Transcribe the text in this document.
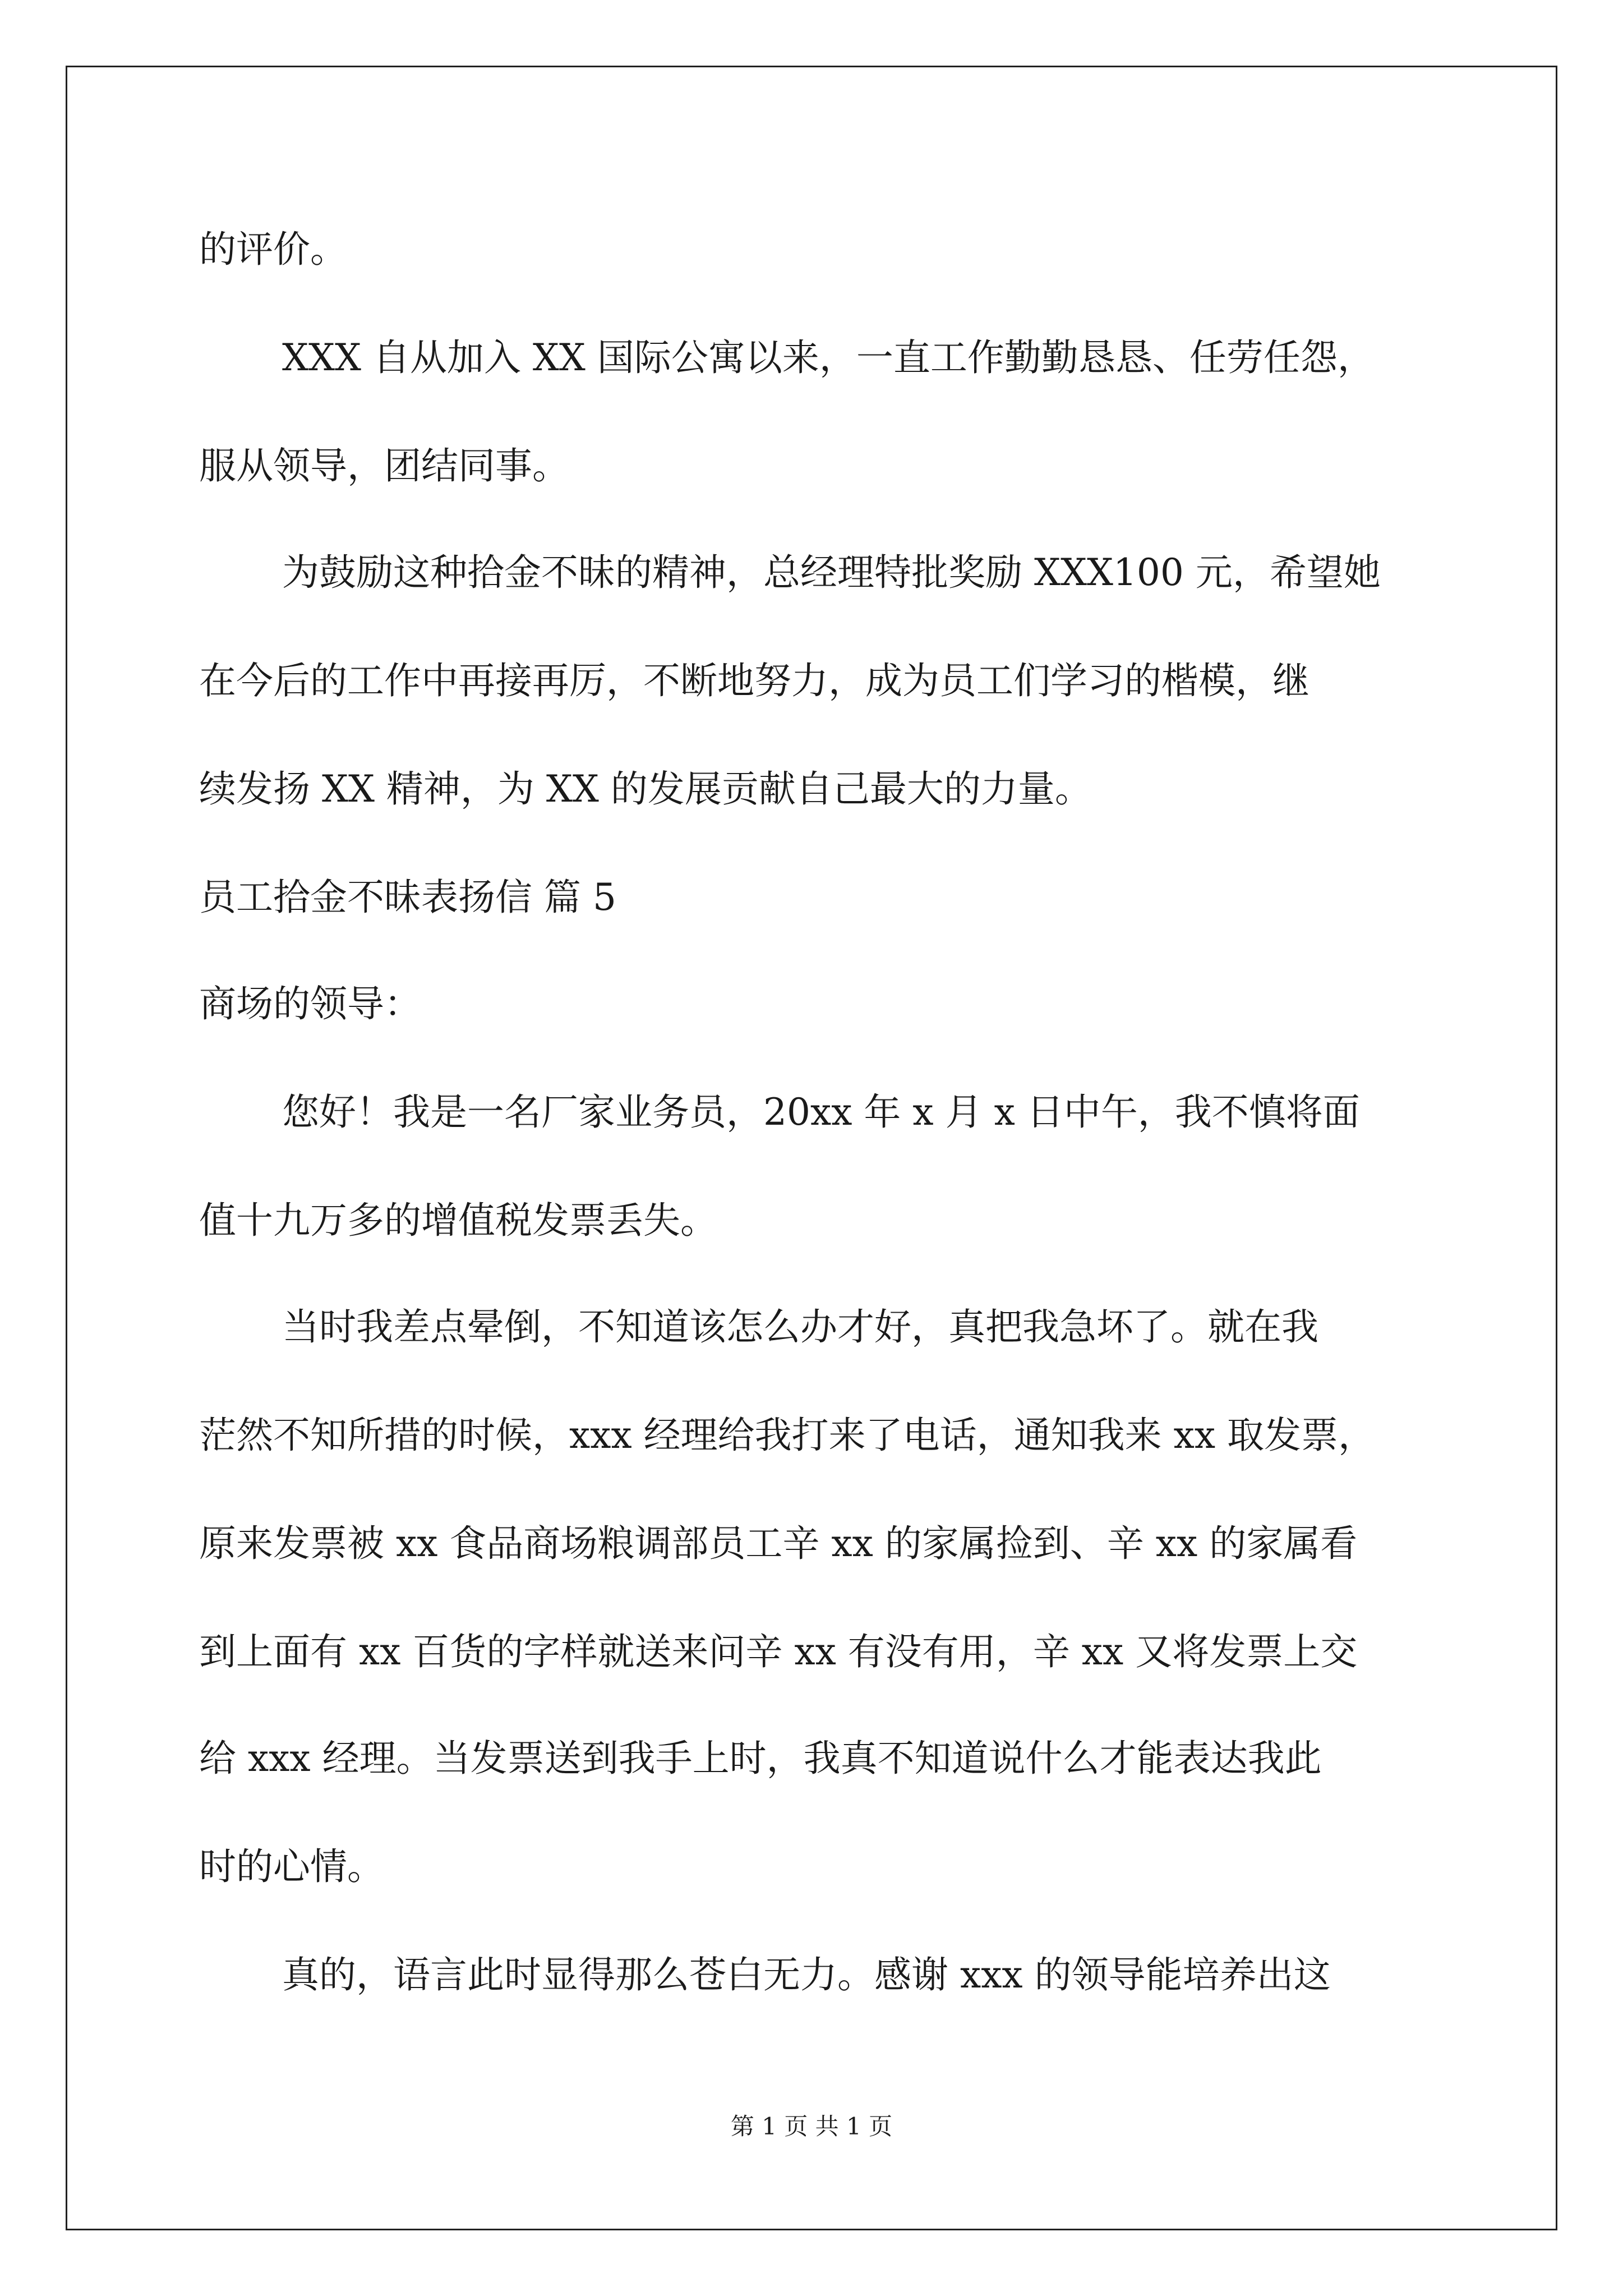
的评价。
XXX 自从加入 XX 国际公寓以来，一直工作勤勤恳恳、任劳任怨，
服从领导，团结同事。
为鼓励这种拾金不昧的精神，总经理特批奖励 XXX100 元，希望她
在今后的工作中再接再厉，不断地努力，成为员工们学习的楷模，继
续发扬 XX 精神，为 XX 的发展贡献自己最大的力量。
员工拾金不昧表扬信 篇 5
商场的领导：
您好！我是一名厂家业务员，20xx 年 x 月 x 日中午，我不慎将面
值十九万多的增值税发票丢失。
当时我差点晕倒，不知道该怎么办才好，真把我急坏了。就在我
茫然不知所措的时候，xxx 经理给我打来了电话，通知我来 xx 取发票，
原来发票被 xx 食品商场粮调部员工辛 xx 的家属捡到、辛 xx 的家属看
到上面有 xx 百货的字样就送来问辛 xx 有没有用，辛 xx 又将发票上交
给 xxx 经理。当发票送到我手上时，我真不知道说什么才能表达我此
时的心情。
真的，语言此时显得那么苍白无力。感谢 xxx 的领导能培养出这
第 1 页 共 1 页
